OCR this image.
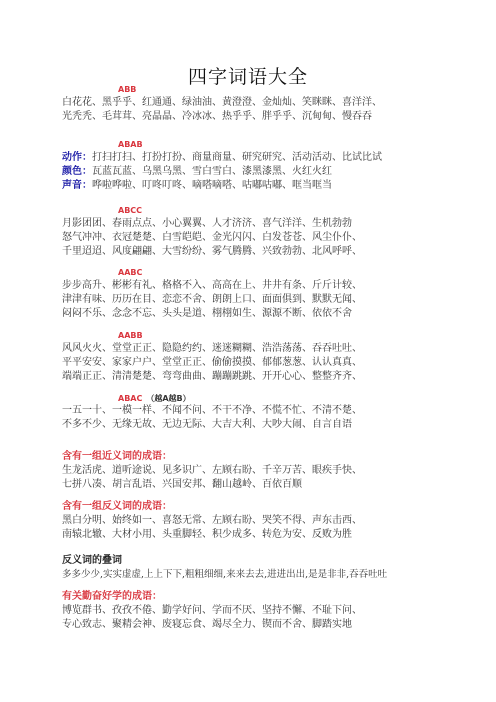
四字词语大全
ABB
白花花、黑乎乎、红通通、绿油油、黄澄澄、金灿灿、笑眯眯、喜洋洋、
光秃秃、毛茸茸、亮晶晶、冷冰冰、热乎乎、胖乎乎、沉甸甸、慢吞吞
ABAB
动作：打扫打扫、打扮打扮、商量商量、研究研究、活动活动、比试比试
颜色：瓦蓝瓦蓝、乌黑乌黑、雪白雪白、漆黑漆黑、火红火红
声音：哗啦哗啦、叮咚叮咚、嘀嗒嘀嗒、咕嘟咕嘟、哐当哐当
ABCC
月影团团、春雨点点、小心翼翼、人才济济、喜气洋洋、生机勃勃
怒气冲冲、衣冠楚楚、白雪皑皑、金光闪闪、白发苍苍、风尘仆仆、
千里迢迢、风度翩翩、大雪纷纷、雾气腾腾、兴致勃勃、北风呼呼、
AABC
步步高升、彬彬有礼、格格不入、高高在上、井井有条、斤斤计较、
津津有味、历历在目、恋恋不舍、朗朗上口、面面俱到、默默无闻、
闷闷不乐、念念不忘、头头是道、栩栩如生、源源不断、依依不舍
AABB
风风火火、堂堂正正、隐隐约约、迷迷糊糊、浩浩荡荡、吞吞吐吐、
平平安安、家家户户、堂堂正正、偷偷摸摸、郁郁葱葱、认认真真、
端端正正、清清楚楚、弯弯曲曲、蹦蹦跳跳、开开心心、整整齐齐、
ABAC （越A越B）
一五一十、一模一样、不闻不问、不干不净、不慌不忙、不清不楚、
不多不少、无缘无故、无边无际、大吉大利、大吵大闹、自言自语
含有一组近义词的成语：
生龙活虎、道听途说、见多识广、左顾右盼、千辛万苦、眼疾手快、
七拼八凑、胡言乱语、兴国安邦、翻山越岭、百依百顺
含有一组反义词的成语：
黑白分明、始终如一、喜怒无常、左顾右盼、哭笑不得、声东击西、
南辕北辙、大材小用、头重脚轻、积少成多、转危为安、反败为胜
反义词的叠词
多多少少,实实虚虚,上上下下,粗粗细细,来来去去,进进出出,是是非非,吞吞吐吐
有关勤奋好学的成语：
博览群书、孜孜不倦、勤学好问、学而不厌、坚持不懈、不耻下问、
专心致志、聚精会神、废寝忘食、竭尽全力、锲而不舍、脚踏实地
